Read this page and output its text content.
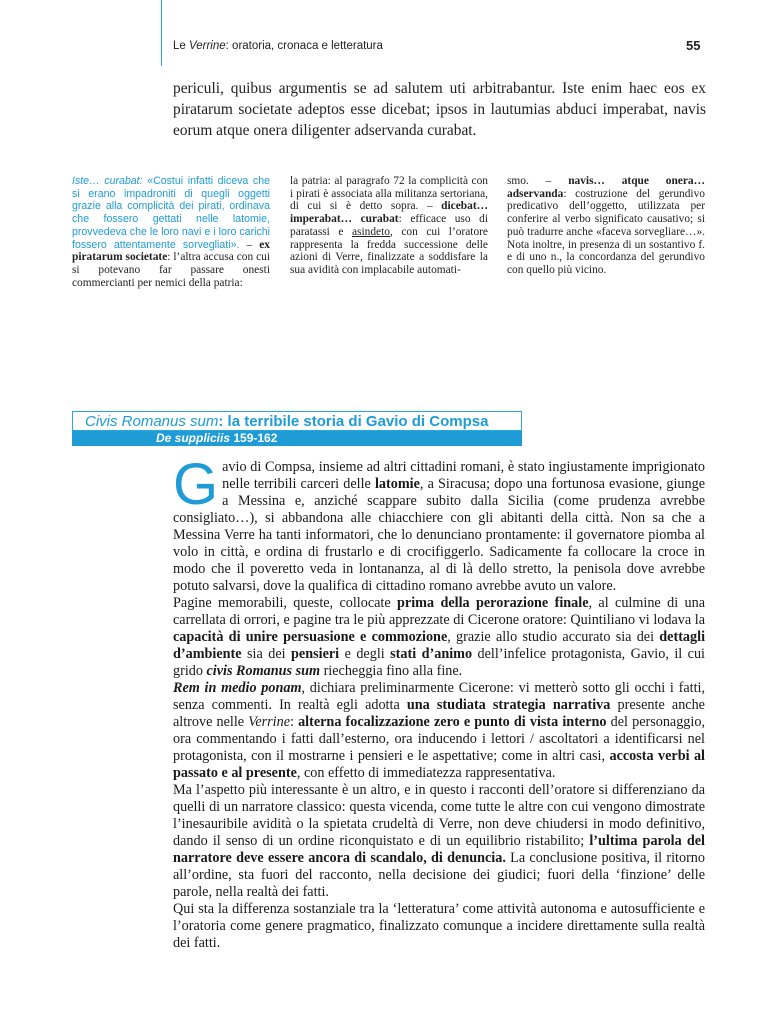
Le Verrine: oratoria, cronaca e letteratura	55

periculi, quibus argumentis se ad salutem uti arbitrabantur. Iste enim haec eos ex piratarum societate adeptos esse dicebat; ipsos in lautumias abduci imperabat, navis eorum atque onera diligenter adservanda curabat.

Iste… curabat: «Costui infatti diceva che si erano impadroniti di quegli oggetti grazie alla complicità dei pirati, ordinava che fossero gettati nelle latomie, provvedeva che le loro navi e i loro carichi fossero attentamente sorvegliati». – ex piratarum societate: l’altra accusa con cui si potevano far passare onesti commercianti per nemici della patria:

la patria: al paragrafo 72 la complicità con i pirati è associata alla militanza sertoriana, di cui si è detto sopra. – dicebat… imperabat… curabat: efficace uso di paratassi e asindeto, con cui l’oratore rappresenta la fredda successione delle azioni di Verre, finalizzate a soddisfare la sua avidità con implacabile automati-

smo. – navis… atque onera… adservanda: costruzione del gerundivo predicativo dell’oggetto, utilizzata per conferire al verbo significato causativo; si può tradurre anche «faceva sorvegliare…». Nota inoltre, in presenza di un sostantivo f. e di uno n., la concordanza del gerundivo con quello più vicino.

Civis Romanus sum: la terribile storia di Gavio di Compsa
De suppliciis 159-162

Gavio di Compsa, insieme ad altri cittadini romani, è stato ingiustamente imprigionato nelle terribili carceri delle latomie, a Siracusa; dopo una fortunosa evasione, giunge a Messina e, anziché scappare subito dalla Sicilia (come prudenza avrebbe consigliato…), si abbandona alle chiacchiere con gli abitanti della città. Non sa che a Messina Verre ha tanti informatori, che lo denunciano prontamente: il governatore piomba al volo in città, e ordina di frustarlo e di crocifiggerlo. Sadicamente fa collocare la croce in modo che il poveretto veda in lontananza, al di là dello stretto, la penisola dove avrebbe potuto salvarsi, dove la qualifica di cittadino romano avrebbe avuto un valore.

Pagine memorabili, queste, collocate prima della perorazione finale, al culmine di una carrellata di orrori, e pagine tra le più apprezzate di Cicerone oratore: Quintiliano vi lodava la capacità di unire persuasione e commozione, grazie allo studio accurato sia dei dettagli d’ambiente sia dei pensieri e degli stati d’animo dell’infelice protagonista, Gavio, il cui grido civis Romanus sum riecheggia fino alla fine.

Rem in medio ponam, dichiara preliminarmente Cicerone: vi metterò sotto gli occhi i fatti, senza commenti. In realtà egli adotta una studiata strategia narrativa presente anche altrove nelle Verrine: alterna focalizzazione zero e punto di vista interno del personaggio, ora commentando i fatti dall’esterno, ora inducendo i lettori / ascoltatori a identificarsi nel protagonista, con il mostrarne i pensieri e le aspettative; come in altri casi, accosta verbi al passato e al presente, con effetto di immediatezza rappresentativa.

Ma l’aspetto più interessante è un altro, e in questo i racconti dell’oratore si differenziano da quelli di un narratore classico: questa vicenda, come tutte le altre con cui vengono dimostrate l’inesauribile avidità o la spietata crudeltà di Verre, non deve chiudersi in modo definitivo, dando il senso di un ordine riconquistato e di un equilibrio ristabilito; l’ultima parola del narratore deve essere ancora di scandalo, di denuncia. La conclusione positiva, il ritorno all’ordine, sta fuori del racconto, nella decisione dei giudici; fuori della ‘finzione’ delle parole, nella realtà dei fatti.

Qui sta la differenza sostanziale tra la ‘letteratura’ come attività autonoma e autosufficiente e l’oratoria come genere pragmatico, finalizzato comunque a incidere direttamente sulla realtà dei fatti.
